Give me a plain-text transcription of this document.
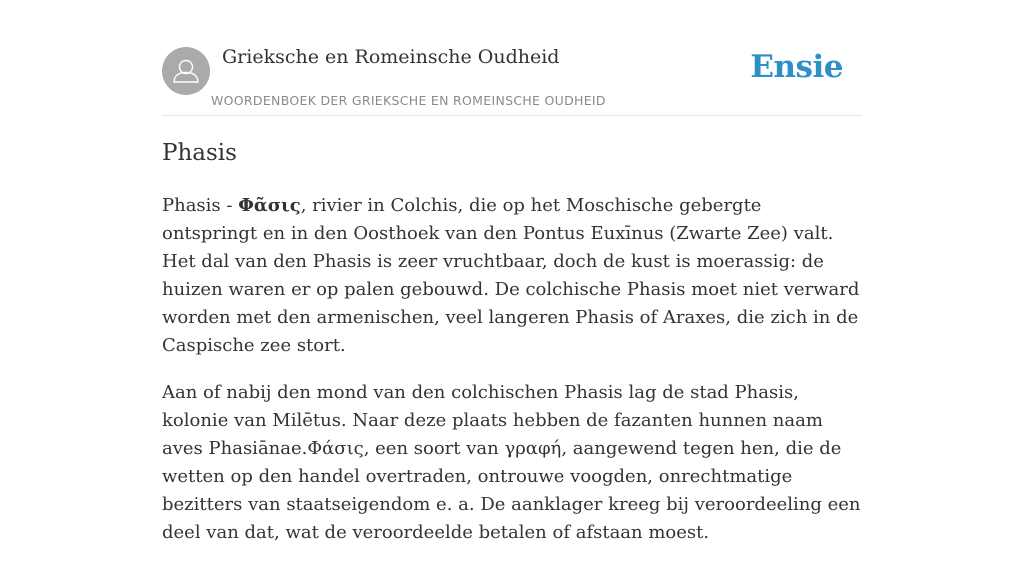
Grieksche en Romeinsche Oudheid
WOORDENBOEK DER GRIEKSCHE EN ROMEINSCHE OUDHEID
Ensie
Phasis

Phasis - Φᾶσις, rivier in Colchis, die op het Moschische gebergte ontspringt en in den Oosthoek van den Pontus Euxīnus (Zwarte Zee) valt. Het dal van den Phasis is zeer vruchtbaar, doch de kust is moerassig: de huizen waren er op palen gebouwd. De colchische Phasis moet niet verward worden met den armenischen, veel langeren Phasis of Araxes, die zich in de Caspische zee stort.

Aan of nabij den mond van den colchischen Phasis lag de stad Phasis, kolonie van Milētus. Naar deze plaats hebben de fazanten hunnen naam aves Phasiānae.Φάσις, een soort van γραφή, aangewend tegen hen, die de wetten op den handel overtraden, ontrouwe voogden, onrechtmatige bezitters van staatseigendom e. a. De aanklager kreeg bij veroordeeling een deel van dat, wat de veroordeelde betalen of afstaan moest.
